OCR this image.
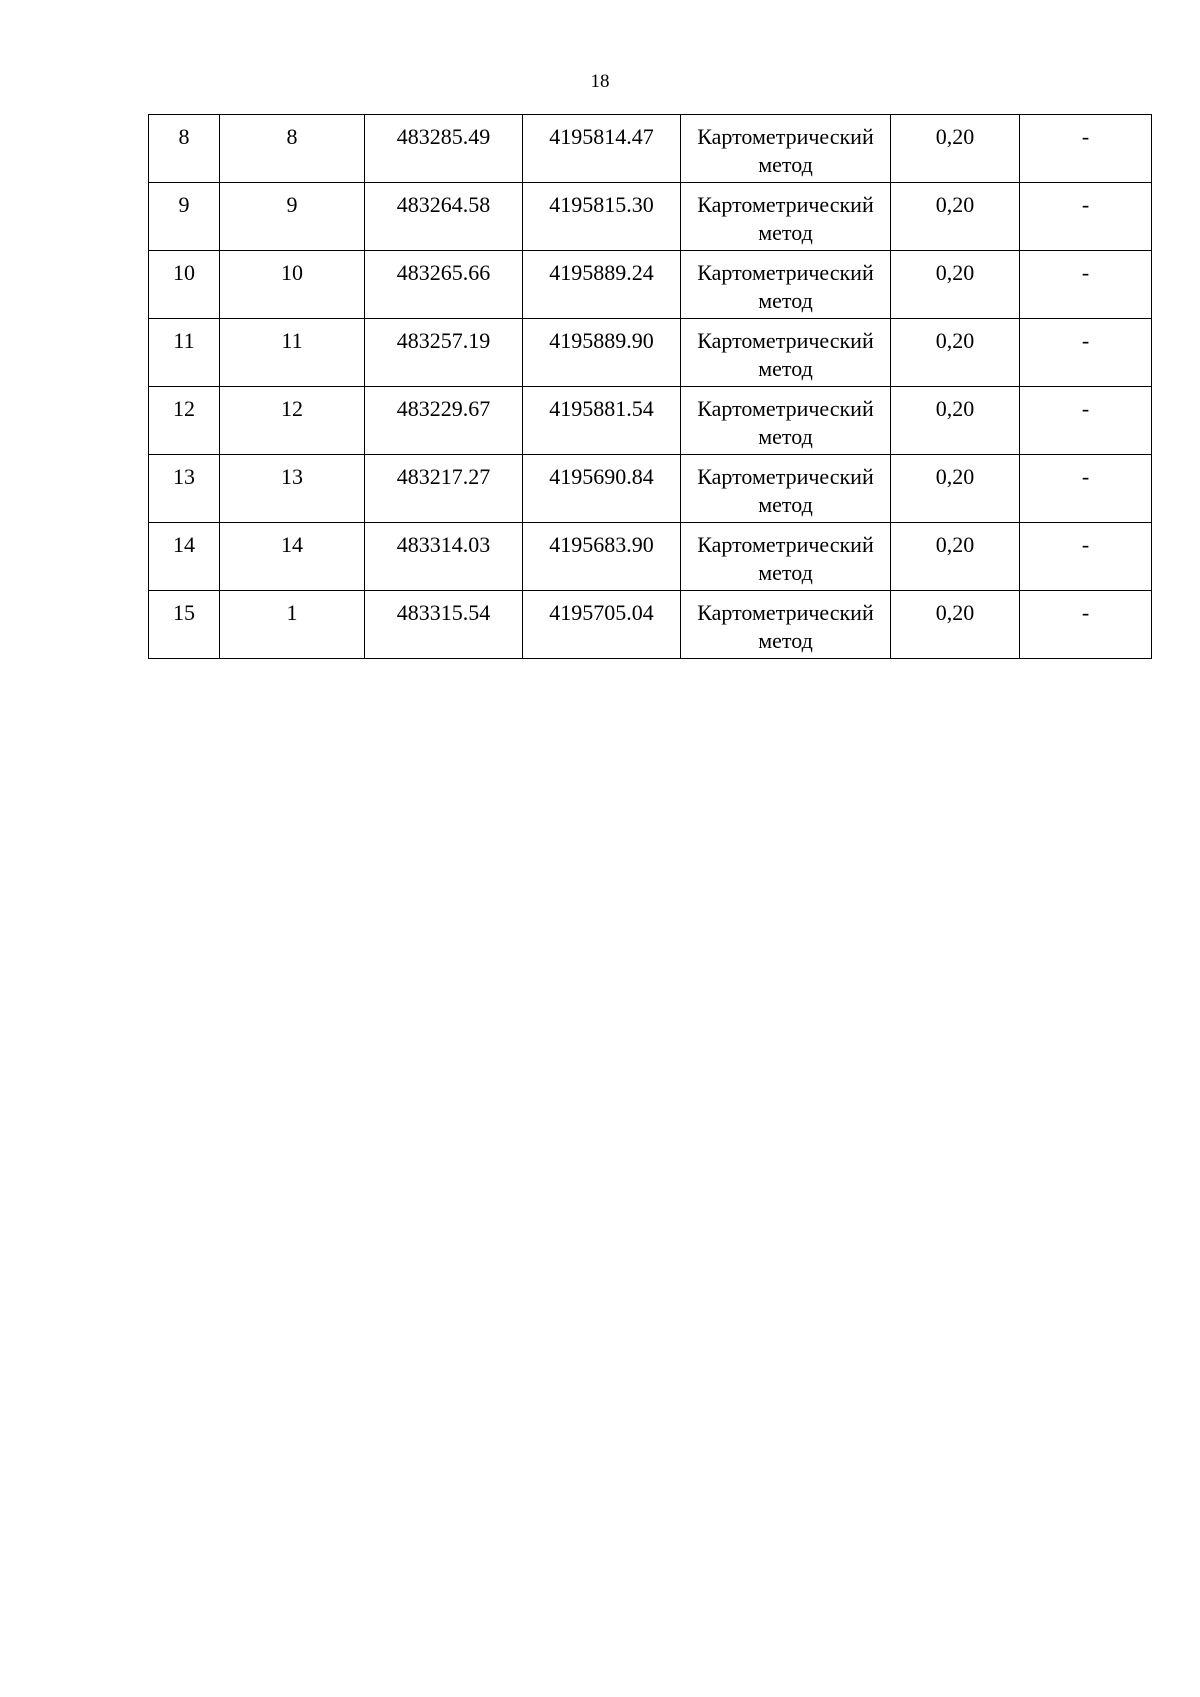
18
8	8	483285.49	4195814.47	Картометрический
метод	0,20	-
9	9	483264.58	4195815.30	Картометрический
метод	0,20	-
10	10	483265.66	4195889.24	Картометрический
метод	0,20	-
11	11	483257.19	4195889.90	Картометрический
метод	0,20	-
12	12	483229.67	4195881.54	Картометрический
метод	0,20	-
13	13	483217.27	4195690.84	Картометрический
метод	0,20	-
14	14	483314.03	4195683.90	Картометрический
метод	0,20	-
15	1	483315.54	4195705.04	Картометрический
метод	0,20	-
